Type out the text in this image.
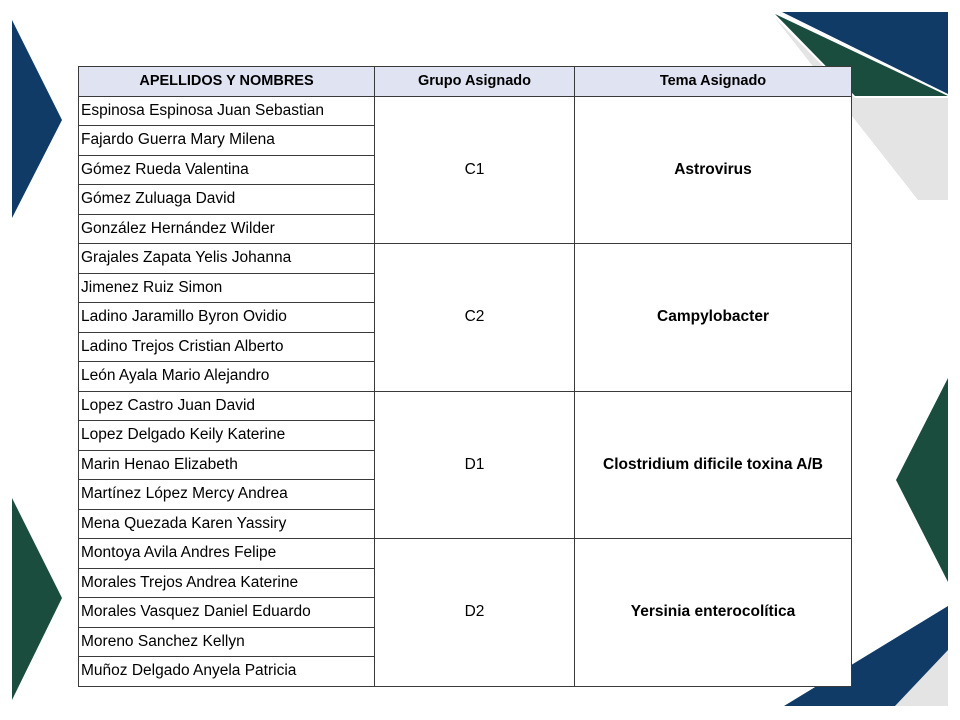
APELLIDOS Y NOMBRES	Grupo Asignado	Tema Asignado
Espinosa Espinosa Juan Sebastian	C1	Astrovirus
Fajardo Guerra Mary Milena		
Gómez Rueda Valentina		
Gómez Zuluaga David		
González Hernández Wilder		
Grajales Zapata Yelis Johanna	C2	Campylobacter
Jimenez Ruiz Simon		
Ladino Jaramillo Byron Ovidio		
Ladino Trejos Cristian Alberto		
León Ayala Mario Alejandro		
Lopez Castro Juan David	D1	Clostridium dificile toxina A/B
Lopez Delgado Keily Katerine		
Marin Henao Elizabeth		
Martínez López Mercy Andrea		
Mena Quezada Karen Yassiry		
Montoya Avila Andres Felipe	D2	Yersinia enterocolítica
Morales Trejos Andrea Katerine		
Morales Vasquez Daniel Eduardo		
Moreno Sanchez Kellyn		
Muñoz Delgado Anyela Patricia		
